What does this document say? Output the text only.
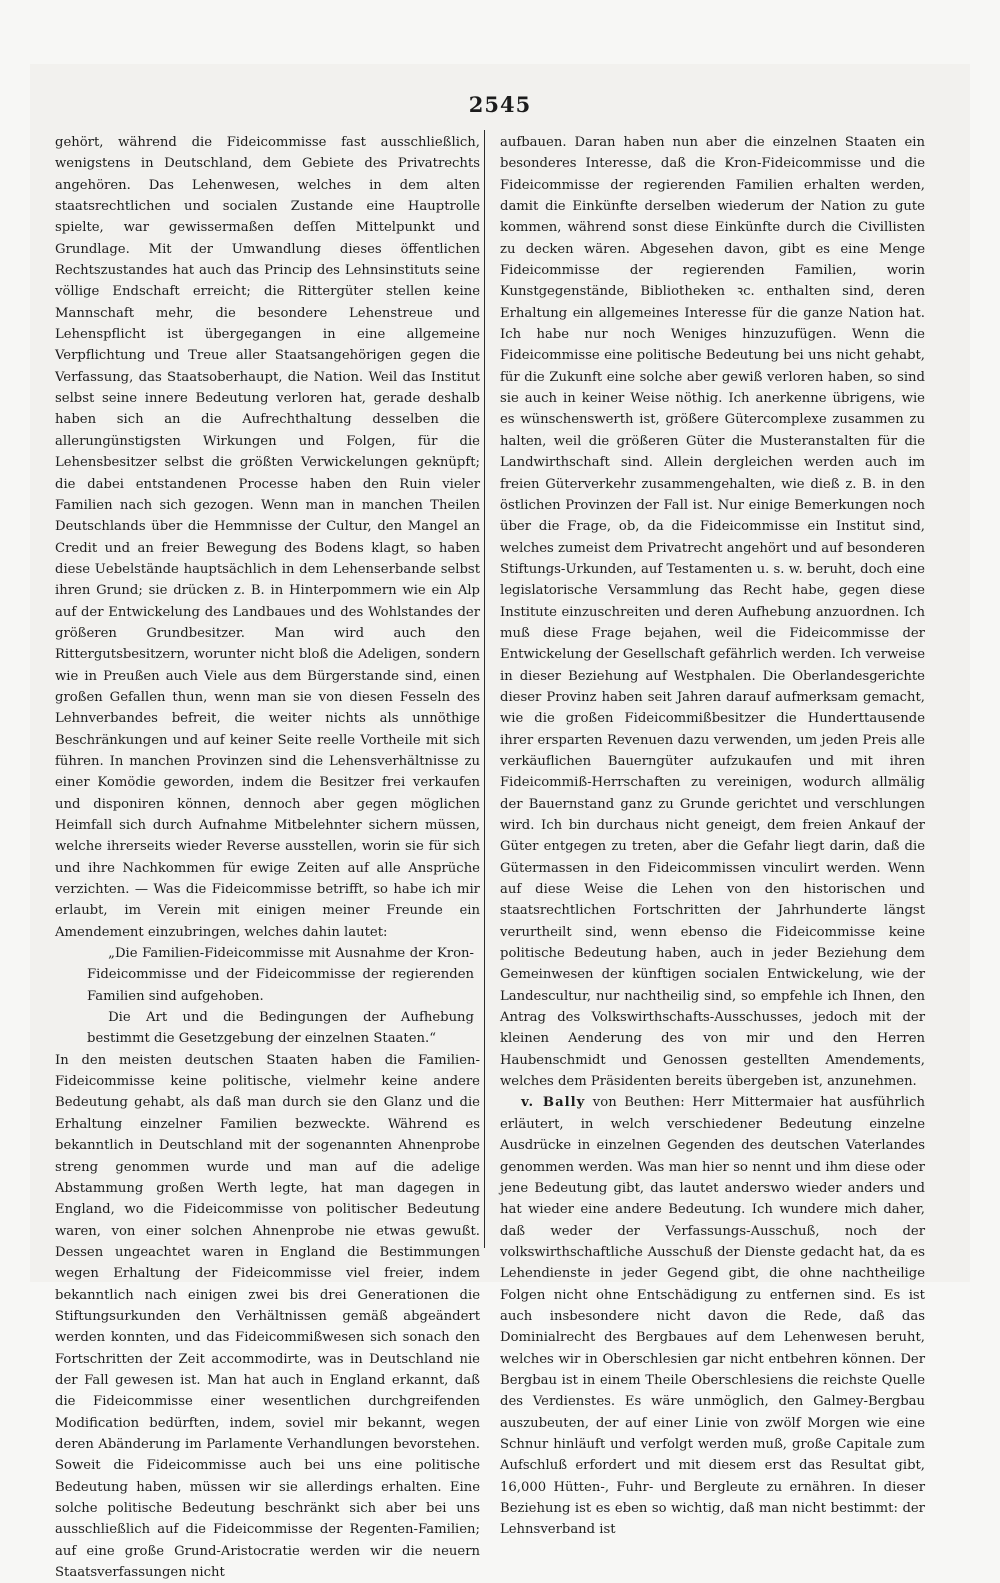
2545

gehört, während die Fideicommisse fast ausschließlich, wenigstens in Deutschland, dem Gebiete des Privatrechts angehören. Das Lehenwesen, welches in dem alten staatsrechtlichen und socialen Zustande eine Hauptrolle spielte, war gewissermaßen deſſen Mittelpunkt und Grundlage. Mit der Umwandlung dieses öffentlichen Rechtszustandes hat auch das Princip des Lehnsinstituts seine völlige Endschaft erreicht; die Rittergüter stellen keine Mannschaft mehr, die besondere Lehenstreue und Lehenspflicht ist übergegangen in eine allgemeine Verpflichtung und Treue aller Staatsangehörigen gegen die Verfassung, das Staatsoberhaupt, die Nation. Weil das Institut selbst seine innere Bedeutung verloren hat, gerade deshalb haben sich an die Aufrechthaltung desselben die allerungünstigsten Wirkungen und Folgen, für die Lehensbesitzer selbst die größten Verwickelungen geknüpft; die dabei entstandenen Processe haben den Ruin vieler Familien nach sich gezogen. Wenn man in manchen Theilen Deutschlands über die Hemmnisse der Cultur, den Mangel an Credit und an freier Bewegung des Bodens klagt, so haben diese Uebelstände hauptsächlich in dem Lehenserbande selbst ihren Grund; sie drücken z. B. in Hinterpommern wie ein Alp auf der Entwickelung des Landbaues und des Wohlstandes der größeren Grundbesitzer. Man wird auch den Rittergutsbesitzern, worunter nicht bloß die Adeligen, sondern wie in Preußen auch Viele aus dem Bürgerstande sind, einen großen Gefallen thun, wenn man sie von diesen Fesseln des Lehnverbandes befreit, die weiter nichts als unnöthige Beschränkungen und auf keiner Seite reelle Vortheile mit sich führen. In manchen Provinzen sind die Lehensverhältnisse zu einer Komödie geworden, indem die Besitzer frei verkaufen und disponiren können, dennoch aber gegen möglichen Heimfall sich durch Aufnahme Mitbelehnter sichern müssen, welche ihrerseits wieder Reverse ausstellen, worin sie für sich und ihre Nachkommen für ewige Zeiten auf alle Ansprüche verzichten. — Was die Fideicommisse betrifft, so habe ich mir erlaubt, im Verein mit einigen meiner Freunde ein Amendement einzubringen, welches dahin lautet:

„Die Familien-Fideicommisse mit Ausnahme der Kron-Fideicommisse und der Fideicommisse der regierenden Familien sind aufgehoben.

Die Art und die Bedingungen der Aufhebung bestimmt die Gesetzgebung der einzelnen Staaten.“

In den meisten deutschen Staaten haben die Familien-Fideicommisse keine politische, vielmehr keine andere Bedeutung gehabt, als daß man durch sie den Glanz und die Erhaltung einzelner Familien bezweckte. Während es bekanntlich in Deutschland mit der sogenannten Ahnenprobe streng genommen wurde und man auf die adelige Abstammung großen Werth legte, hat man dagegen in England, wo die Fideicommisse von politischer Bedeutung waren, von einer solchen Ahnenprobe nie etwas gewußt. Dessen ungeachtet waren in England die Bestimmungen wegen Erhaltung der Fideicommisse viel freier, indem bekanntlich nach einigen zwei bis drei Generationen die Stiftungsurkunden den Verhältnissen gemäß abgeändert werden konnten, und das Fideicommißwesen sich sonach den Fortschritten der Zeit accommodirte, was in Deutschland nie der Fall gewesen ist. Man hat auch in England erkannt, daß die Fideicommisse einer wesentlichen durchgreifenden Modification bedürften, indem, soviel mir bekannt, wegen deren Abänderung im Parlamente Verhandlungen bevorstehen. Soweit die Fideicommisse auch bei uns eine politische Bedeutung haben, müssen wir sie allerdings erhalten. Eine solche politische Bedeutung beschränkt sich aber bei uns ausschließlich auf die Fideicommisse der Regenten-Familien; auf eine große Grund-Aristocratie werden wir die neuern Staatsverfassungen nicht

aufbauen. Daran haben nun aber die einzelnen Staaten ein besonderes Interesse, daß die Kron-Fideicommisse und die Fideicommisse der regierenden Familien erhalten werden, damit die Einkünfte derselben wiederum der Nation zu gute kommen, während sonst diese Einkünfte durch die Civillisten zu decken wären. Abgesehen davon, gibt es eine Menge Fideicommisse der regierenden Familien, worin Kunstgegenstände, Bibliotheken ꝛc. enthalten sind, deren Erhaltung ein allgemeines Interesse für die ganze Nation hat. Ich habe nur noch Weniges hinzuzufügen. Wenn die Fideicommisse eine politische Bedeutung bei uns nicht gehabt, für die Zukunft eine solche aber gewiß verloren haben, so sind sie auch in keiner Weise nöthig. Ich anerkenne übrigens, wie es wünschenswerth ist, größere Gütercomplexe zusammen zu halten, weil die größeren Güter die Musteranstalten für die Landwirthschaft sind. Allein dergleichen werden auch im freien Güterverkehr zusammengehalten, wie dieß z. B. in den östlichen Provinzen der Fall ist. Nur einige Bemerkungen noch über die Frage, ob, da die Fideicommisse ein Institut sind, welches zumeist dem Privatrecht angehört und auf besonderen Stiftungs-Urkunden, auf Testamenten u. s. w. beruht, doch eine legislatorische Versammlung das Recht habe, gegen diese Institute einzuschreiten und deren Aufhebung anzuordnen. Ich muß diese Frage bejahen, weil die Fideicommisse der Entwickelung der Gesellschaft gefährlich werden. Ich verweise in dieser Beziehung auf Westphalen. Die Oberlandesgerichte dieser Provinz haben seit Jahren darauf aufmerksam gemacht, wie die großen Fideicommißbesitzer die Hunderttausende ihrer ersparten Revenuen dazu verwenden, um jeden Preis alle verkäuflichen Bauerngüter aufzukaufen und mit ihren Fideicommiß-Herrschaften zu vereinigen, wodurch allmälig der Bauernstand ganz zu Grunde gerichtet und verschlungen wird. Ich bin durchaus nicht geneigt, dem freien Ankauf der Güter entgegen zu treten, aber die Gefahr liegt darin, daß die Gütermassen in den Fideicommissen vinculirt werden. Wenn auf diese Weise die Lehen von den historischen und staatsrechtlichen Fortschritten der Jahrhunderte längst verurtheilt sind, wenn ebenso die Fideicommisse keine politische Bedeutung haben, auch in jeder Beziehung dem Gemeinwesen der künftigen socialen Entwickelung, wie der Landescultur, nur nachtheilig sind, so empfehle ich Ihnen, den Antrag des Volkswirthschafts-Ausschusses, jedoch mit der kleinen Aenderung des von mir und den Herren Haubenschmidt und Genossen gestellten Amendements, welches dem Präsidenten bereits übergeben ist, anzunehmen.

v. Bally von Beuthen: Herr Mittermaier hat ausführlich erläutert, in welch verschiedener Bedeutung einzelne Ausdrücke in einzelnen Gegenden des deutschen Vaterlandes genommen werden. Was man hier so nennt und ihm diese oder jene Bedeutung gibt, das lautet anderswo wieder anders und hat wieder eine andere Bedeutung. Ich wundere mich daher, daß weder der Verfassungs-Ausschuß, noch der volkswirthschaftliche Ausschuß der Dienste gedacht hat, da es Lehendienste in jeder Gegend gibt, die ohne nachtheilige Folgen nicht ohne Entschädigung zu entfernen sind. Es ist auch insbesondere nicht davon die Rede, daß das Dominialrecht des Bergbaues auf dem Lehenwesen beruht, welches wir in Oberschlesien gar nicht entbehren können. Der Bergbau ist in einem Theile Oberschlesiens die reichste Quelle des Verdienstes. Es wäre unmöglich, den Galmey-Bergbau auszubeuten, der auf einer Linie von zwölf Morgen wie eine Schnur hinläuft und verfolgt werden muß, große Capitale zum Aufschluß erfordert und mit diesem erst das Resultat gibt, 16,000 Hütten-, Fuhr- und Bergleute zu ernähren. In dieser Beziehung ist es eben so wichtig, daß man nicht bestimmt: der Lehnsverband ist
